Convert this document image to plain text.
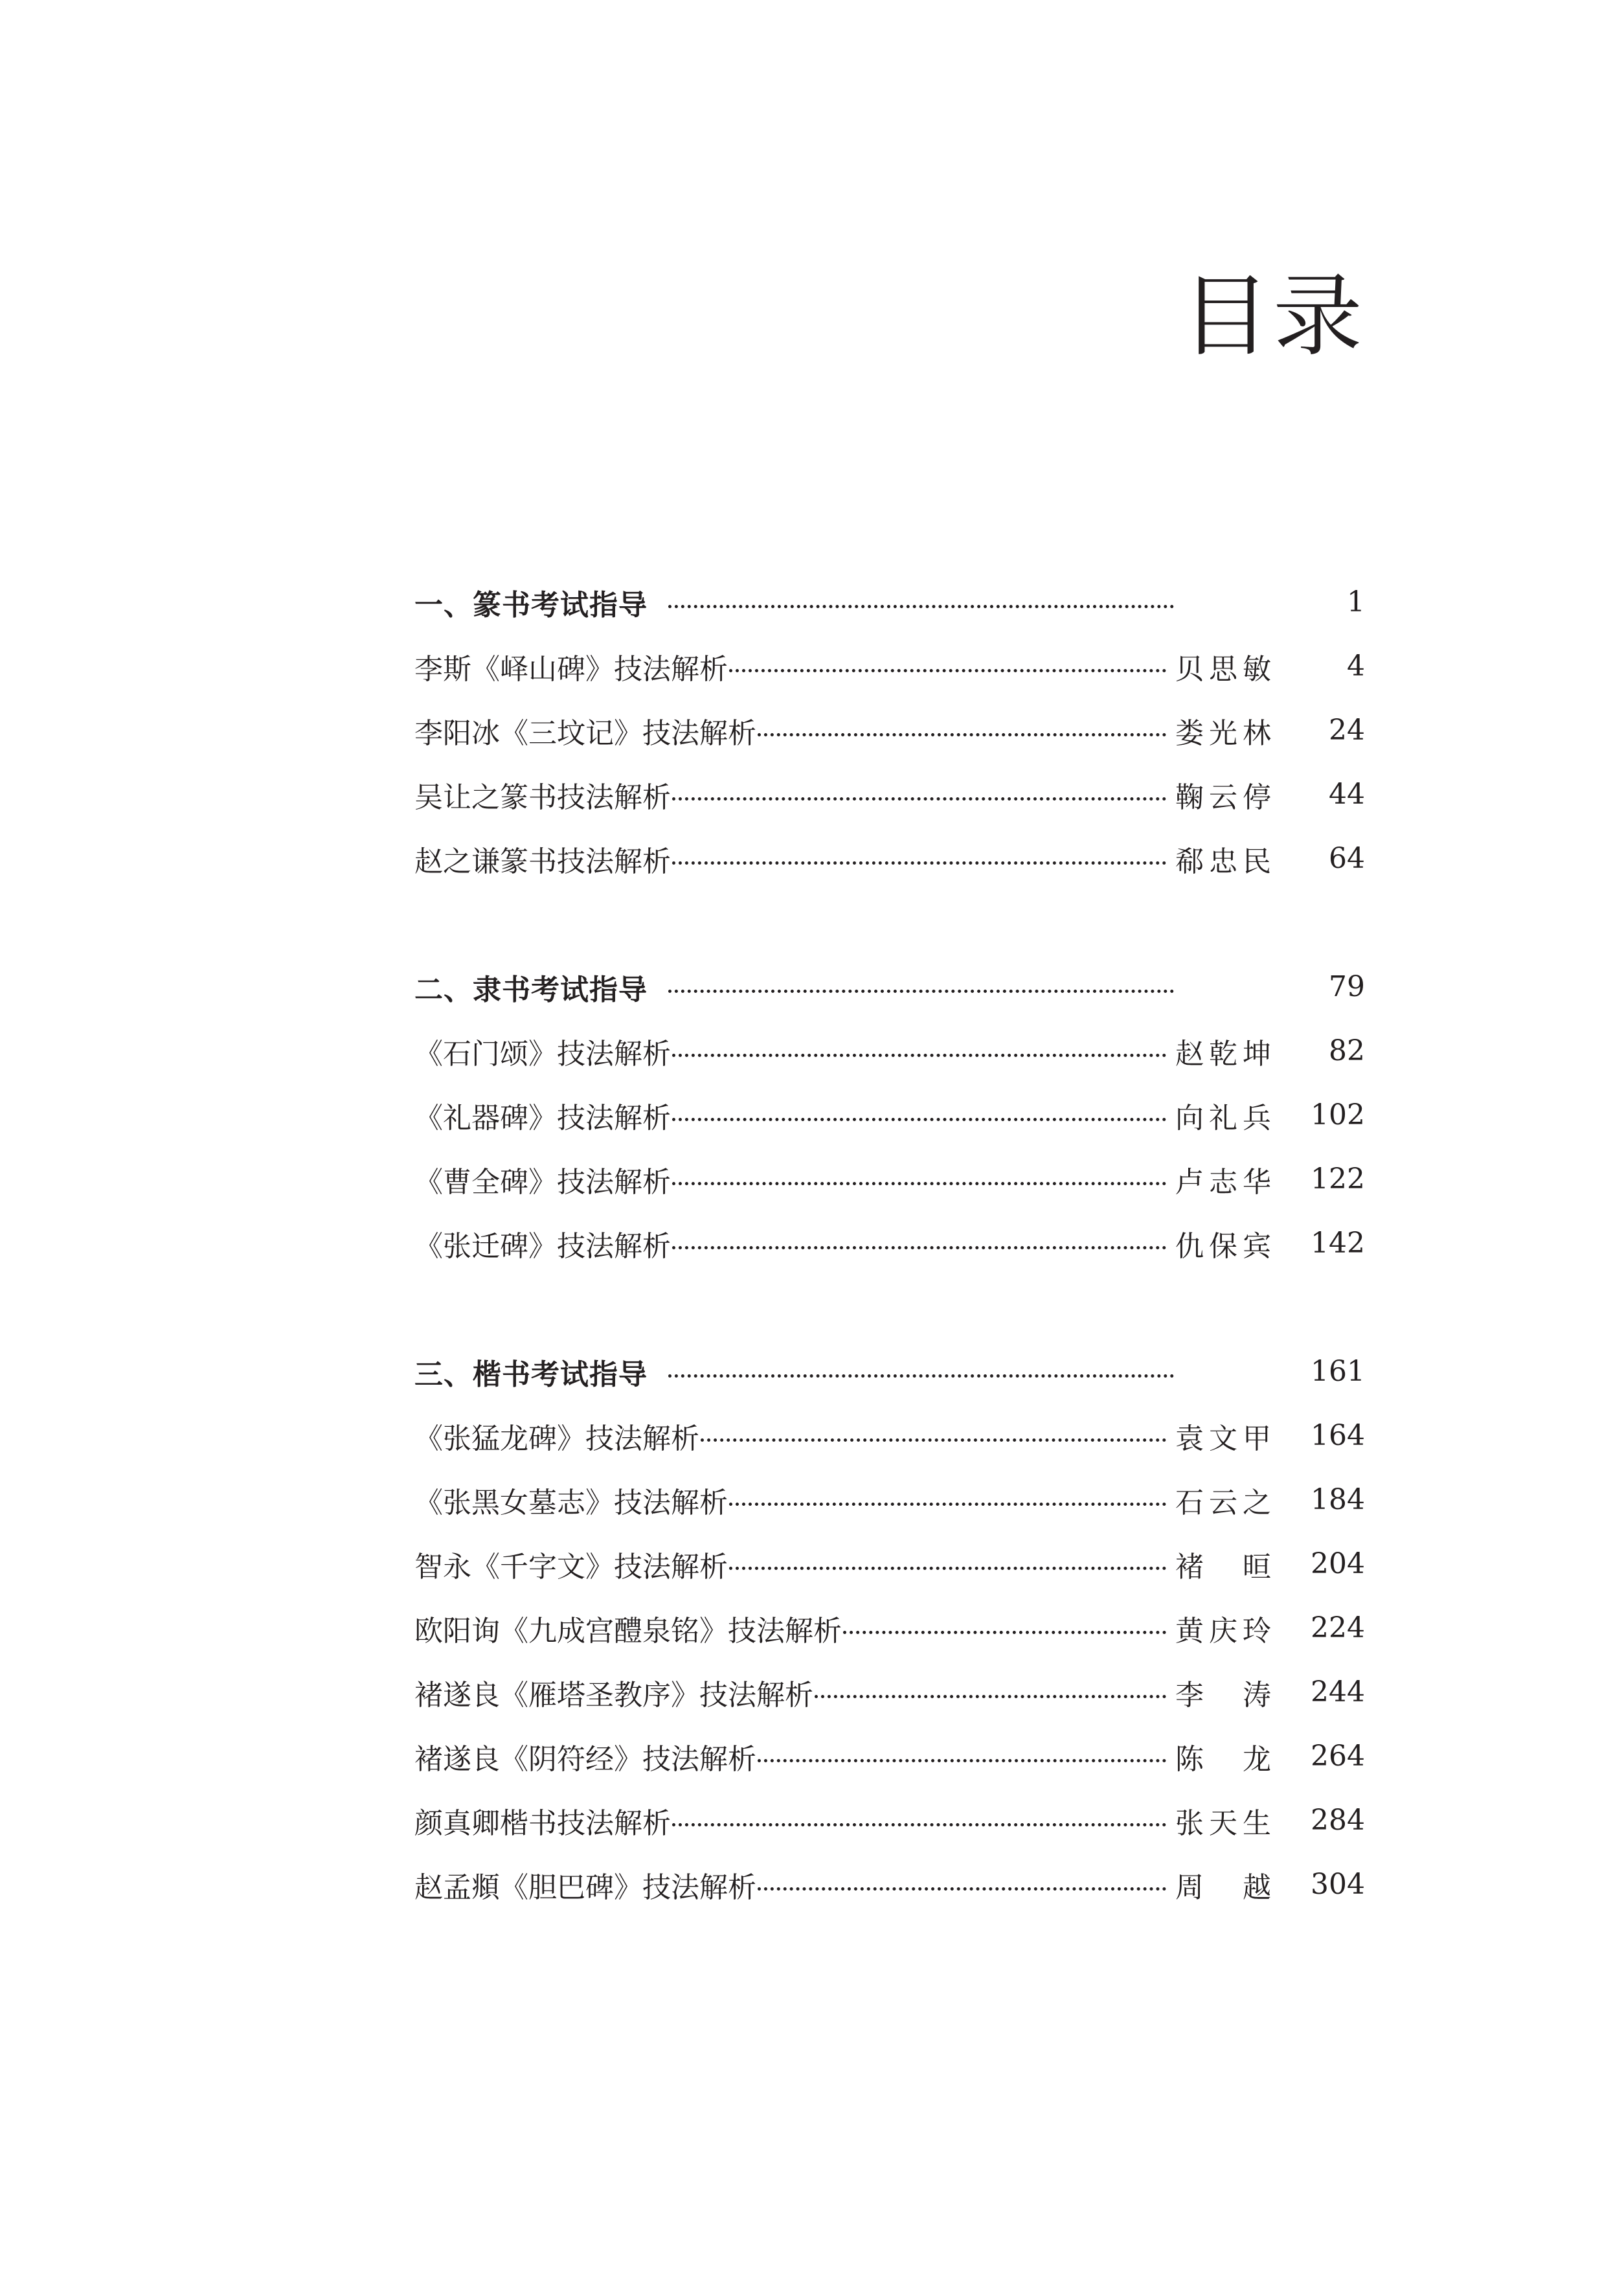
目录
一、篆书考试指导	1
李斯《峄山碑》技法解析	贝思敏	4
李阳冰《三坟记》技法解析	娄光林	24
吴让之篆书技法解析	鞠云停	44
赵之谦篆书技法解析	郗忠民	64
二、隶书考试指导	79
《石门颂》技法解析	赵乾坤	82
《礼器碑》技法解析	向礼兵	102
《曹全碑》技法解析	卢志华	122
《张迁碑》技法解析	仇保宾	142
三、楷书考试指导	161
《张猛龙碑》技法解析	袁文甲	164
《张黑女墓志》技法解析	石云之	184
智永《千字文》技法解析	褚 晅	204
欧阳询《九成宫醴泉铭》技法解析	黄庆玲	224
褚遂良《雁塔圣教序》技法解析	李 涛	244
褚遂良《阴符经》技法解析	陈 龙	264
颜真卿楷书技法解析	张天生	284
赵孟頫《胆巴碑》技法解析	周 越	304
